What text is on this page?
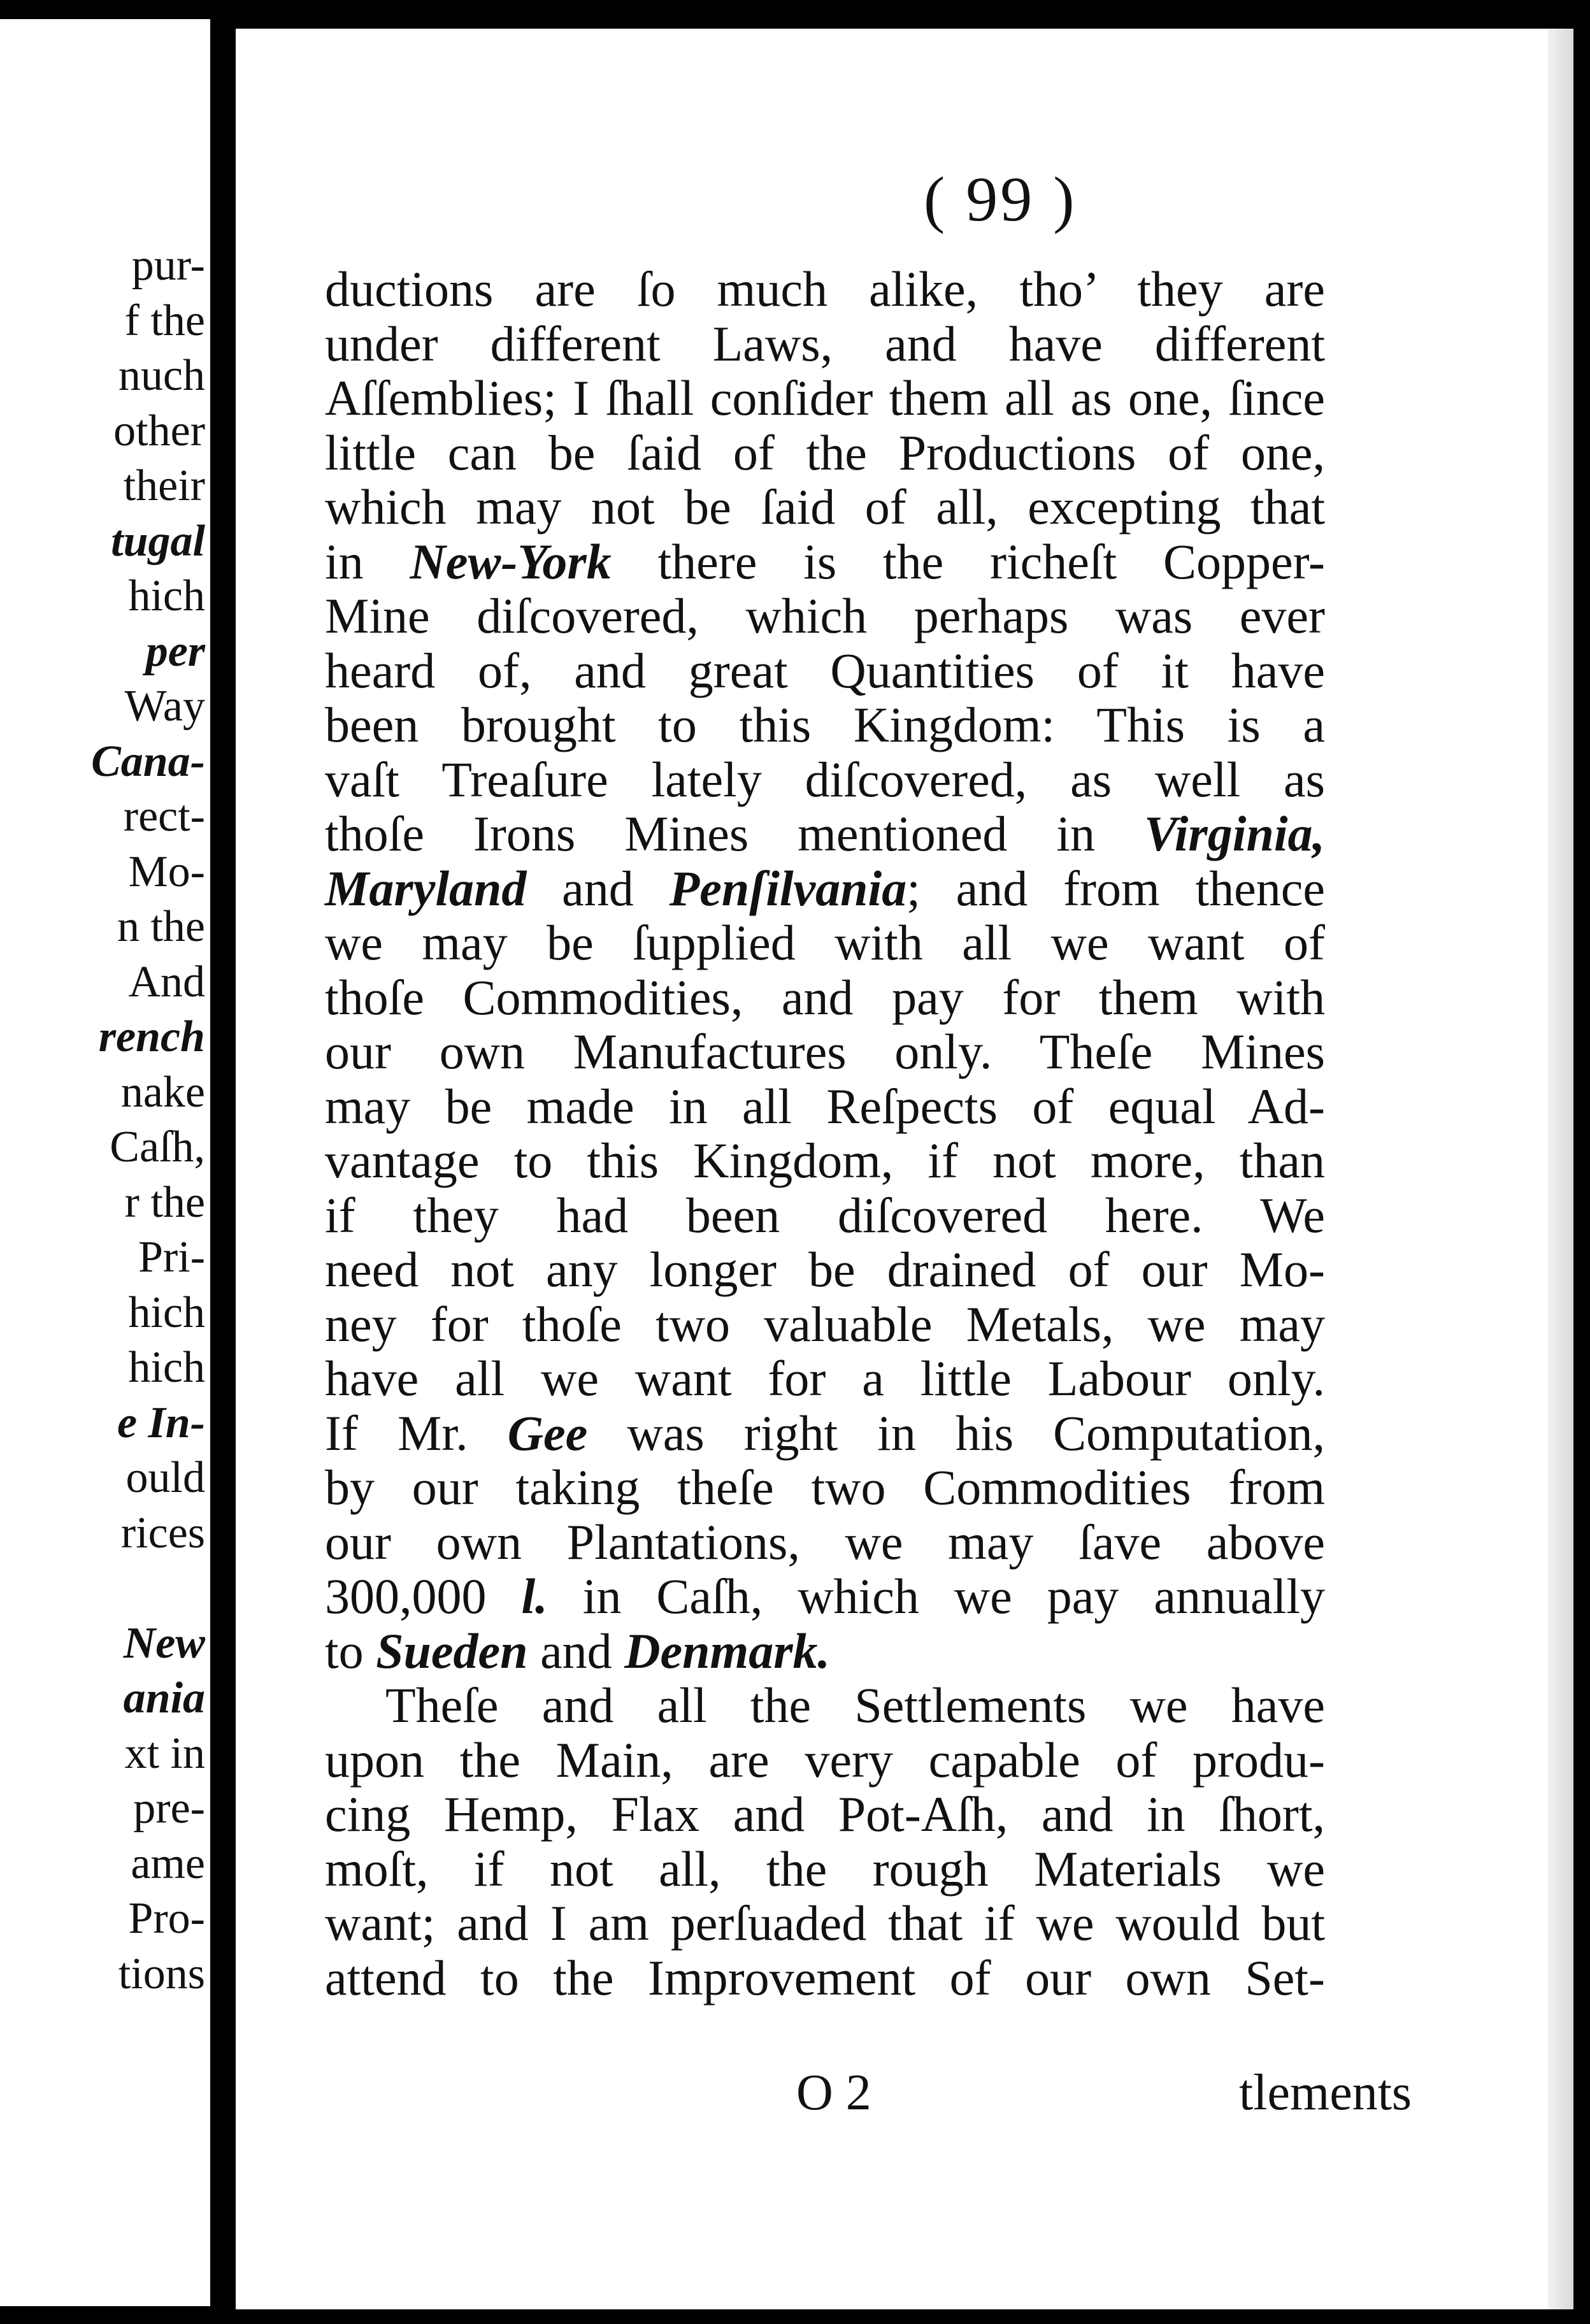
pur-
f the
nuch
other
their
tugal
hich
per
Way
Cana-
rect-
Mo-
n the
And
rench
nake
Caſh,
r the
Pri-
hich
hich
e In-
ould
rices
New
ania
xt in
pre-
ame
Pro-
tions
( 99 )
ductions are ſo much alike, tho’ they are
under different Laws, and have different
Aſſemblies; I ſhall conſider them all as one, ſince
little can be ſaid of the Productions of one,
which may not be ſaid of all, excepting that
in New-York there is the richeſt Copper-
Mine diſcovered, which perhaps was ever
heard of, and great Quantities of it have
been brought to this Kingdom: This is a
vaſt Treaſure lately diſcovered, as well as
thoſe Irons Mines mentioned in Virginia,
Maryland and Penſilvania; and from thence
we may be ſupplied with all we want of
thoſe Commodities, and pay for them with
our own Manufactures only. Theſe Mines
may be made in all Reſpects of equal Ad-
vantage to this Kingdom, if not more, than
if they had been diſcovered here. We
need not any longer be drained of our Mo-
ney for thoſe two valuable Metals, we may
have all we want for a little Labour only.
If Mr. Gee was right in his Computation,
by our taking theſe two Commodities from
our own Plantations, we may ſave above
300,000 l. in Caſh, which we pay annually
to Sueden and Denmark.
Theſe and all the Settlements we have
upon the Main, are very capable of produ-
cing Hemp, Flax and Pot-Aſh, and in ſhort,
moſt, if not all, the rough Materials we
want; and I am perſuaded that if we would but
attend to the Improvement of our own Set-
O 2	tlements
